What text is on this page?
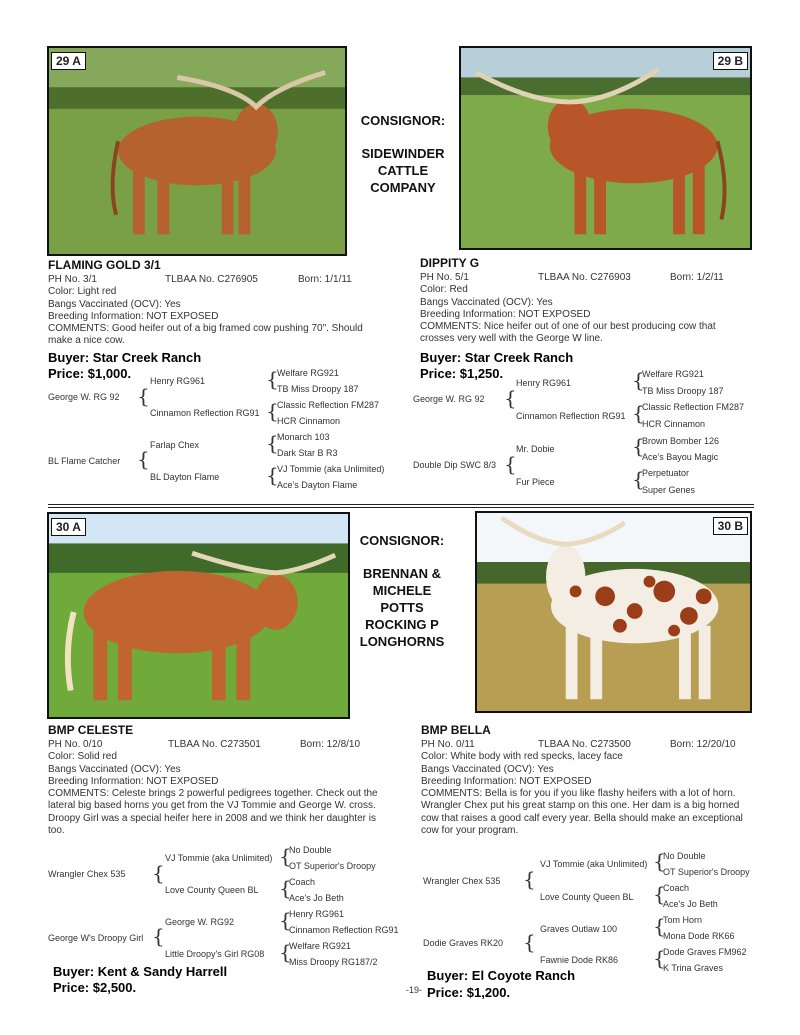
29 A	29 B
CONSIGNOR:
SIDEWINDER
CATTLE
COMPANY
FLAMING GOLD 3/1
PH No. 3/1	TLBAA No. C276905	Born: 1/1/11
Color: Light red
Bangs Vaccinated (OCV): Yes
Breeding Information: NOT EXPOSED
COMMENTS: Good heifer out of a big framed cow pushing 70". Should
make a nice cow.
Buyer: Star Creek Ranch
Price: $1,000.
George W. RG 92
BL Flame Catcher
{
{
Henry RG961
Cinnamon Reflection RG91
Farlap Chex
BL Dayton Flame
{
{
{
{
Welfare RG921
TB Miss Droopy 187
Classic Reflection FM287
HCR Cinnamon
Monarch 103
Dark Star B R3
VJ Tommie (aka Unlimited)
Ace's Dayton Flame
DIPPITY G
PH No. 5/1	TLBAA No. C276903	Born: 1/2/11
Color: Red
Bangs Vaccinated (OCV): Yes
Breeding Information: NOT EXPOSED
COMMENTS: Nice heifer out of one of our best producing cow that
crosses very well with the George W line.
Buyer: Star Creek Ranch
Price: $1,250.
George W. RG 92
Double Dip SWC 8/3
{
{
Henry RG961
Cinnamon Reflection RG91
Mr. Dobie
Fur Piece
{
{
{
{
Welfare RG921
TB Miss Droopy 187
Classic Reflection FM287
HCR Cinnamon
Brown Bomber 126
Ace's Bayou Magic
Perpetuator
Super Genes
30 A	30 B
CONSIGNOR:
BRENNAN &
MICHELE
POTTS
ROCKING P
LONGHORNS
BMP CELESTE
PH No. 0/10	TLBAA No. C273501	Born: 12/8/10
Color: Solid red
Bangs Vaccinated (OCV): Yes
Breeding Information: NOT EXPOSED
COMMENTS: Celeste brings 2 powerful pedigrees together. Check out the
lateral big based horns you get from the VJ Tommie and George W. cross.
Droopy Girl was a special heifer here in 2008 and we think her daughter is
too.
Wrangler Chex 535
George W's Droopy Girl
{
{
VJ Tommie (aka Unlimited)
Love County Queen BL
George W. RG92
Little Droopy's Girl RG08
{
{
{
{
No Double
OT Superior's Droopy
Coach
Ace's Jo Beth
Henry RG961
Cinnamon Reflection RG91
Welfare RG921
Miss Droopy RG187/2
Buyer: Kent & Sandy Harrell
Price: $2,500.
BMP BELLA
PH No. 0/11	TLBAA No. C273500	Born: 12/20/10
Color: White body with red specks, lacey face
Bangs Vaccinated (OCV): Yes
Breeding Information: NOT EXPOSED
COMMENTS: Bella is for you if you like flashy heifers with a lot of horn.
Wrangler Chex put his great stamp on this one. Her dam is a big horned
cow that raises a good calf every year. Bella should make an exceptional
cow for your program.
Wrangler Chex 535
Dodie Graves RK20
{
{
VJ Tommie (aka Unlimited)
Love County Queen BL
Graves Outlaw 100
Fawnie Dode RK86
{
{
{
{
No Double
OT Superior's Droopy
Coach
Ace's Jo Beth
Tom Horn
Mona Dode RK66
Dode Graves FM962
K Trina Graves
Buyer: El Coyote Ranch
Price: $1,200.
-19-
